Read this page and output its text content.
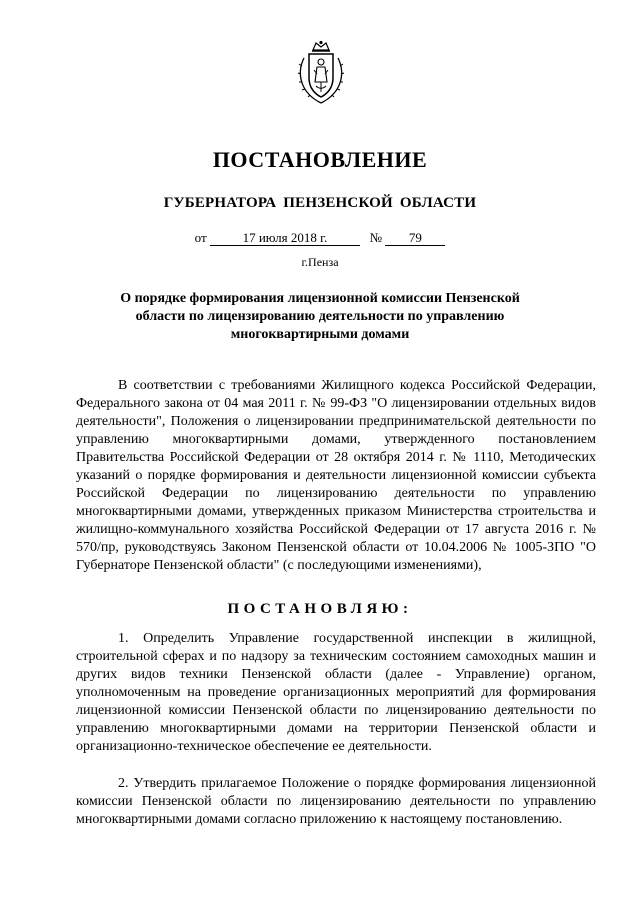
ПОСТАНОВЛЕНИЕ
ГУБЕРНАТОРА ПЕНЗЕНСКОЙ ОБЛАСТИ
от	17 июля 2018 г.	№ 79
г.Пенза
О порядке формирования лицензионной комиссии Пензенской области по лицензированию деятельности по управлению многоквартирными домами

В соответствии с требованиями Жилищного кодекса Российской Федерации, Федерального закона от 04 мая 2011 г. № 99-ФЗ "О лицензировании отдельных видов деятельности", Положения о лицензировании предпринимательской деятельности по управлению многоквартирными домами, утвержденного постановлением Правительства Российской Федерации от 28 октября 2014 г. № 1110, Методических указаний о порядке формирования и деятельности лицензионной комиссии субъекта Российской Федерации по лицензированию деятельности по управлению многоквартирными домами, утвержденных приказом Министерства строительства и жилищно-коммунального хозяйства Российской Федерации от 17 августа 2016 г. № 570/пр, руководствуясь Законом Пензенской области от 10.04.2006 № 1005-ЗПО "О Губернаторе Пензенской области" (с последующими изменениями),

ПОСТАНОВЛЯЮ:

1. Определить Управление государственной инспекции в жилищной, строительной сферах и по надзору за техническим состоянием самоходных машин и других видов техники Пензенской области (далее - Управление) органом, уполномоченным на проведение организационных мероприятий для формирования лицензионной комиссии Пензенской области по лицензированию деятельности по управлению многоквартирными домами на территории Пензенской области и организационно-техническое обеспечение ее деятельности.

2. Утвердить прилагаемое Положение о порядке формирования лицензионной комиссии Пензенской области по лицензированию деятельности по управлению многоквартирными домами согласно приложению к настоящему постановлению.
